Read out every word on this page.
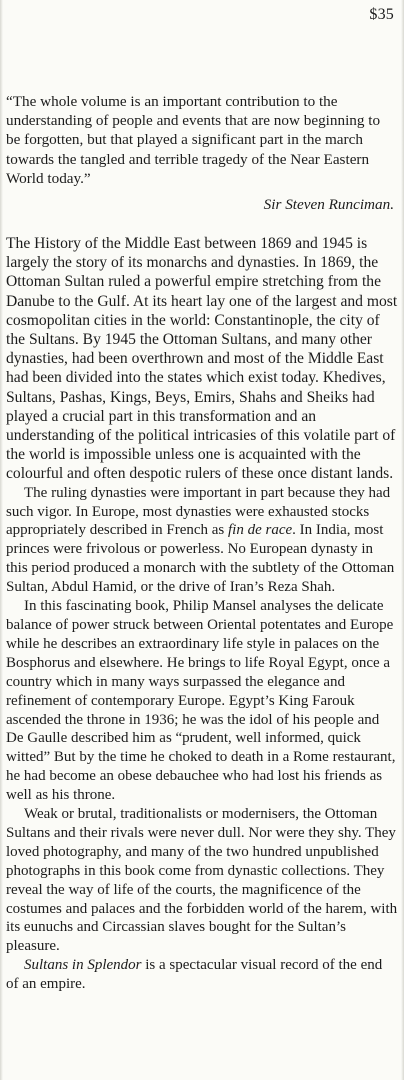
$35

“The whole volume is an important contribution to the understanding of people and events that are now beginning to be forgotten, but that played a significant part in the march towards the tangled and terrible tragedy of the Near Eastern World today.”

Sir Steven Runciman.

The History of the Middle East between 1869 and 1945 is largely the story of its monarchs and dynasties. In 1869, the Ottoman Sultan ruled a powerful empire stretching from the Danube to the Gulf. At its heart lay one of the largest and most cosmopolitan cities in the world: Constantinople, the city of the Sultans. By 1945 the Ottoman Sultans, and many other dynasties, had been overthrown and most of the Middle East had been divided into the states which exist today. Khedives, Sultans, Pashas, Kings, Beys, Emirs, Shahs and Sheiks had played a crucial part in this transformation and an understanding of the political intricasies of this volatile part of the world is impossible unless one is acquainted with the colourful and often despotic rulers of these once distant lands.

The ruling dynasties were important in part because they had such vigor. In Europe, most dynasties were exhausted stocks appropriately described in French as fin de race. In India, most princes were frivolous or powerless. No European dynasty in this period produced a monarch with the subtlety of the Ottoman Sultan, Abdul Hamid, or the drive of Iran’s Reza Shah.

In this fascinating book, Philip Mansel analyses the delicate balance of power struck between Oriental potentates and Europe while he describes an extraordinary life style in palaces on the Bosphorus and elsewhere. He brings to life Royal Egypt, once a country which in many ways surpassed the elegance and refinement of contemporary Europe. Egypt’s King Farouk ascended the throne in 1936; he was the idol of his people and De Gaulle described him as “prudent, well informed, quick witted” But by the time he choked to death in a Rome restaurant, he had become an obese debauchee who had lost his friends as well as his throne.

Weak or brutal, traditionalists or modernisers, the Ottoman Sultans and their rivals were never dull. Nor were they shy. They loved photography, and many of the two hundred unpublished photographs in this book come from dynastic collections. They reveal the way of life of the courts, the magnificence of the costumes and palaces and the forbidden world of the harem, with its eunuchs and Circassian slaves bought for the Sultan’s pleasure.

Sultans in Splendor is a spectacular visual record of the end of an empire.
